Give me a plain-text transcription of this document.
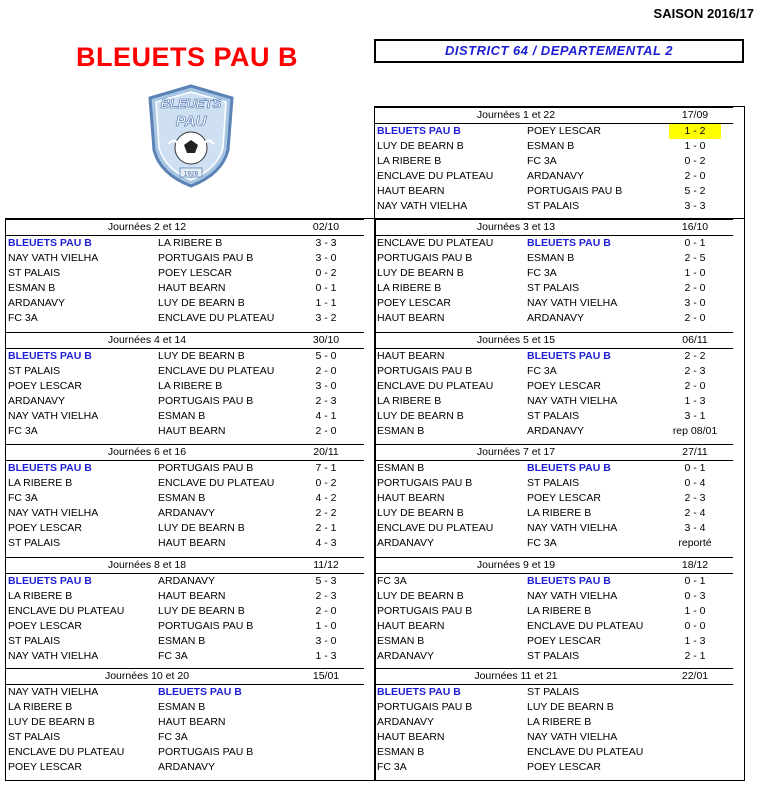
SAISON 2016/17
BLEUETS PAU B	DISTRICT 64 / DEPARTEMENTAL 2
BLEUETS
PAU
1928
Journées 1 et 22		17/09
BLEUETS PAU B	POEY LESCAR	1 - 2
LUY DE BEARN B	ESMAN B	1 - 0
LA RIBERE B	FC 3A	0 - 2
ENCLAVE DU PLATEAU	ARDANAVY	2 - 0
HAUT BEARN	PORTUGAIS PAU B	5 - 2
NAY VATH VIELHA	ST PALAIS	3 - 3
Journées 2 et 12		02/10
BLEUETS PAU B	LA RIBERE B	3 - 3
NAY VATH VIELHA	PORTUGAIS PAU B	3 - 0
ST PALAIS	POEY LESCAR	0 - 2
ESMAN B	HAUT BEARN	0 - 1
ARDANAVY	LUY DE BEARN B	1 - 1
FC 3A	ENCLAVE DU PLATEAU	3 - 2
Journées 3 et 13		16/10
ENCLAVE DU PLATEAU	BLEUETS PAU B	0 - 1
PORTUGAIS PAU B	ESMAN B	2 - 5
LUY DE BEARN B	FC 3A	1 - 0
LA RIBERE B	ST PALAIS	2 - 0
POEY LESCAR	NAY VATH VIELHA	3 - 0
HAUT BEARN	ARDANAVY	2 - 0
Journées 4 et 14		30/10
BLEUETS PAU B	LUY DE BEARN B	5 - 0
ST PALAIS	ENCLAVE DU PLATEAU	2 - 0
POEY LESCAR	LA RIBERE B	3 - 0
ARDANAVY	PORTUGAIS PAU B	2 - 3
NAY VATH VIELHA	ESMAN B	4 - 1
FC 3A	HAUT BEARN	2 - 0
Journées 5 et 15		06/11
HAUT BEARN	BLEUETS PAU B	2 - 2
PORTUGAIS PAU B	FC 3A	2 - 3
ENCLAVE DU PLATEAU	POEY LESCAR	2 - 0
LA RIBERE B	NAY VATH VIELHA	1 - 3
LUY DE BEARN B	ST PALAIS	3 - 1
ESMAN B	ARDANAVY	rep 08/01
Journées 6 et 16		20/11
BLEUETS PAU B	PORTUGAIS PAU B	7 - 1
LA RIBERE B	ENCLAVE DU PLATEAU	0 - 2
FC 3A	ESMAN B	4 - 2
NAY VATH VIELHA	ARDANAVY	2 - 2
POEY LESCAR	LUY DE BEARN B	2 - 1
ST PALAIS	HAUT BEARN	4 - 3
Journées 7 et 17		27/11
ESMAN B	BLEUETS PAU B	0 - 1
PORTUGAIS PAU B	ST PALAIS	0 - 4
HAUT BEARN	POEY LESCAR	2 - 3
LUY DE BEARN B	LA RIBERE B	2 - 4
ENCLAVE DU PLATEAU	NAY VATH VIELHA	3 - 4
ARDANAVY	FC 3A	reporté
Journées 8 et 18		11/12
BLEUETS PAU B	ARDANAVY	5 - 3
LA RIBERE B	HAUT BEARN	2 - 3
ENCLAVE DU PLATEAU	LUY DE BEARN B	2 - 0
POEY LESCAR	PORTUGAIS PAU B	1 - 0
ST PALAIS	ESMAN B	3 - 0
NAY VATH VIELHA	FC 3A	1 - 3
Journées 9 et 19		18/12
FC 3A	BLEUETS PAU B	0 - 1
LUY DE BEARN B	NAY VATH VIELHA	0 - 3
PORTUGAIS PAU B	LA RIBERE B	1 - 0
HAUT BEARN	ENCLAVE DU PLATEAU	0 - 0
ESMAN B	POEY LESCAR	1 - 3
ARDANAVY	ST PALAIS	2 - 1
Journées 10 et 20		15/01
NAY VATH VIELHA	BLEUETS PAU B	
LA RIBERE B	ESMAN B	
LUY DE BEARN B	HAUT BEARN	
ST PALAIS	FC 3A	
ENCLAVE DU PLATEAU	PORTUGAIS PAU B	
POEY LESCAR	ARDANAVY	
Journées 11 et 21		22/01
BLEUETS PAU B	ST PALAIS	
PORTUGAIS PAU B	LUY DE BEARN B	
ARDANAVY	LA RIBERE B	
HAUT BEARN	NAY VATH VIELHA	
ESMAN B	ENCLAVE DU PLATEAU	
FC 3A	POEY LESCAR	
